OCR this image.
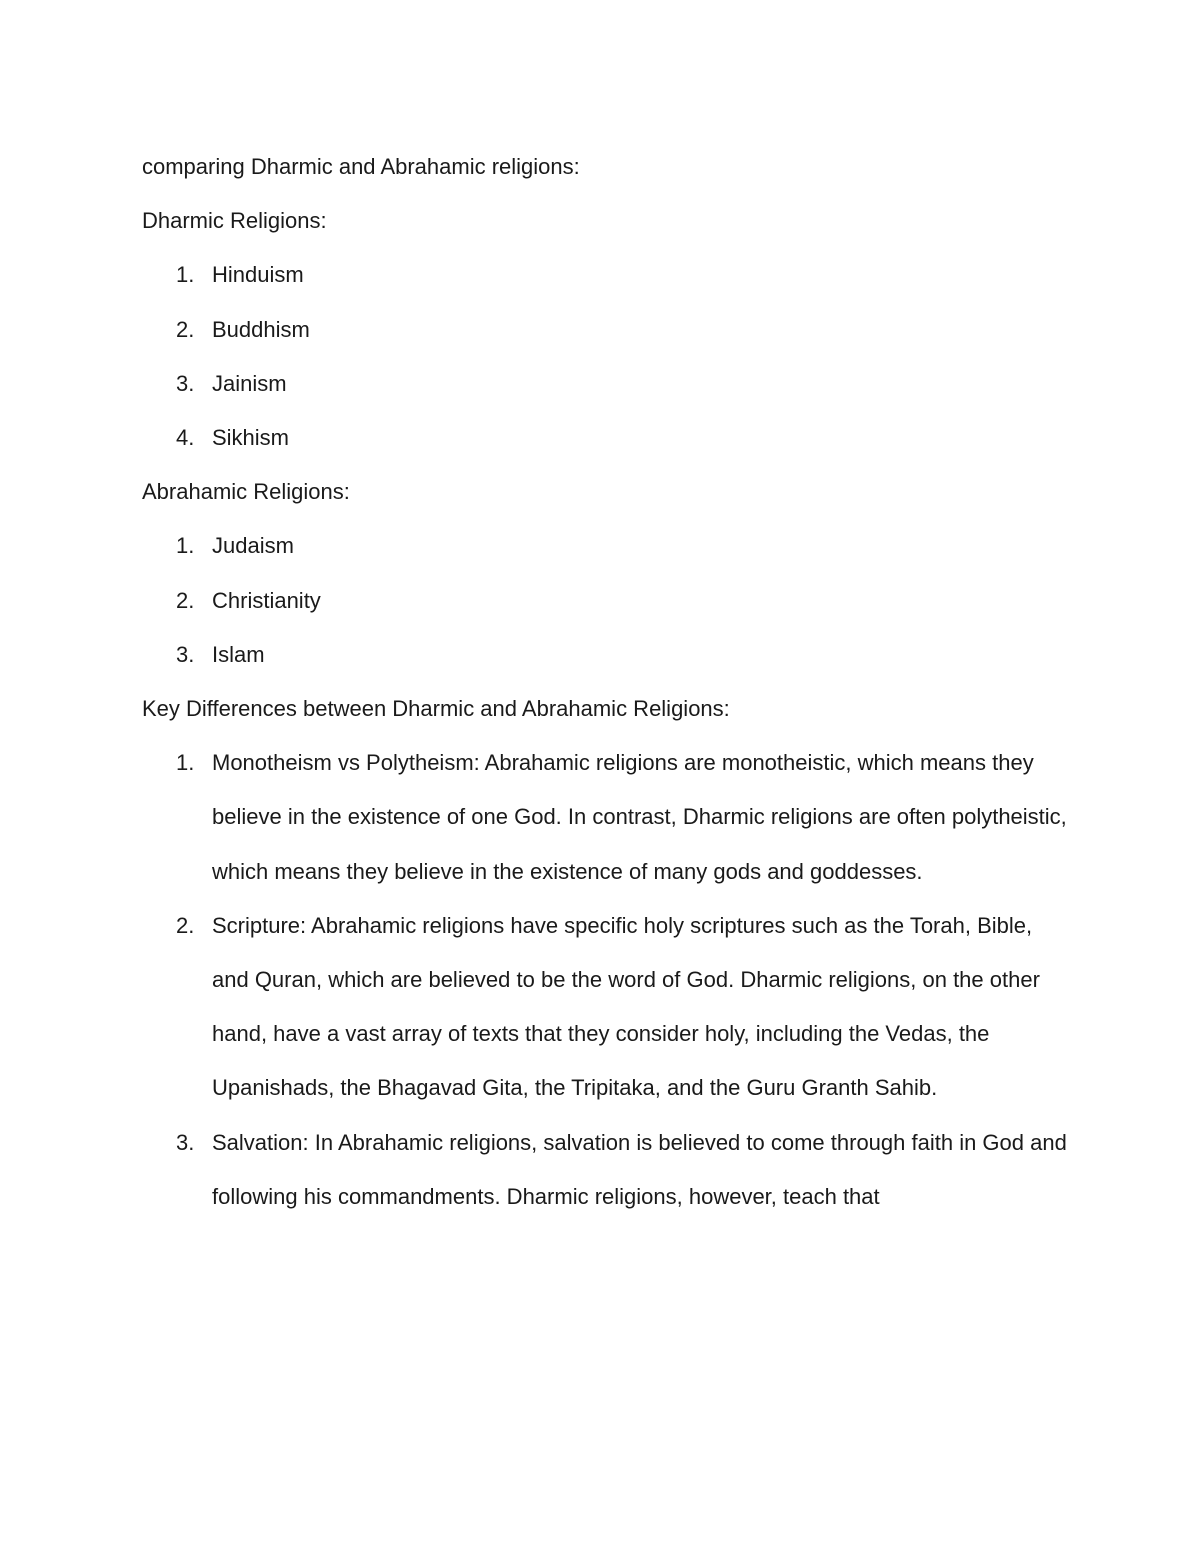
comparing Dharmic and Abrahamic religions:

Dharmic Religions:

1. Hinduism
2. Buddhism
3. Jainism
4. Sikhism

Abrahamic Religions:

1. Judaism
2. Christianity
3. Islam

Key Differences between Dharmic and Abrahamic Religions:

1. Monotheism vs Polytheism: Abrahamic religions are monotheistic, which means they believe in the existence of one God. In contrast, Dharmic religions are often polytheistic, which means they believe in the existence of many gods and goddesses.
2. Scripture: Abrahamic religions have specific holy scriptures such as the Torah, Bible, and Quran, which are believed to be the word of God. Dharmic religions, on the other hand, have a vast array of texts that they consider holy, including the Vedas, the Upanishads, the Bhagavad Gita, the Tripitaka, and the Guru Granth Sahib.
3. Salvation: In Abrahamic religions, salvation is believed to come through faith in God and following his commandments. Dharmic religions, however, teach that
